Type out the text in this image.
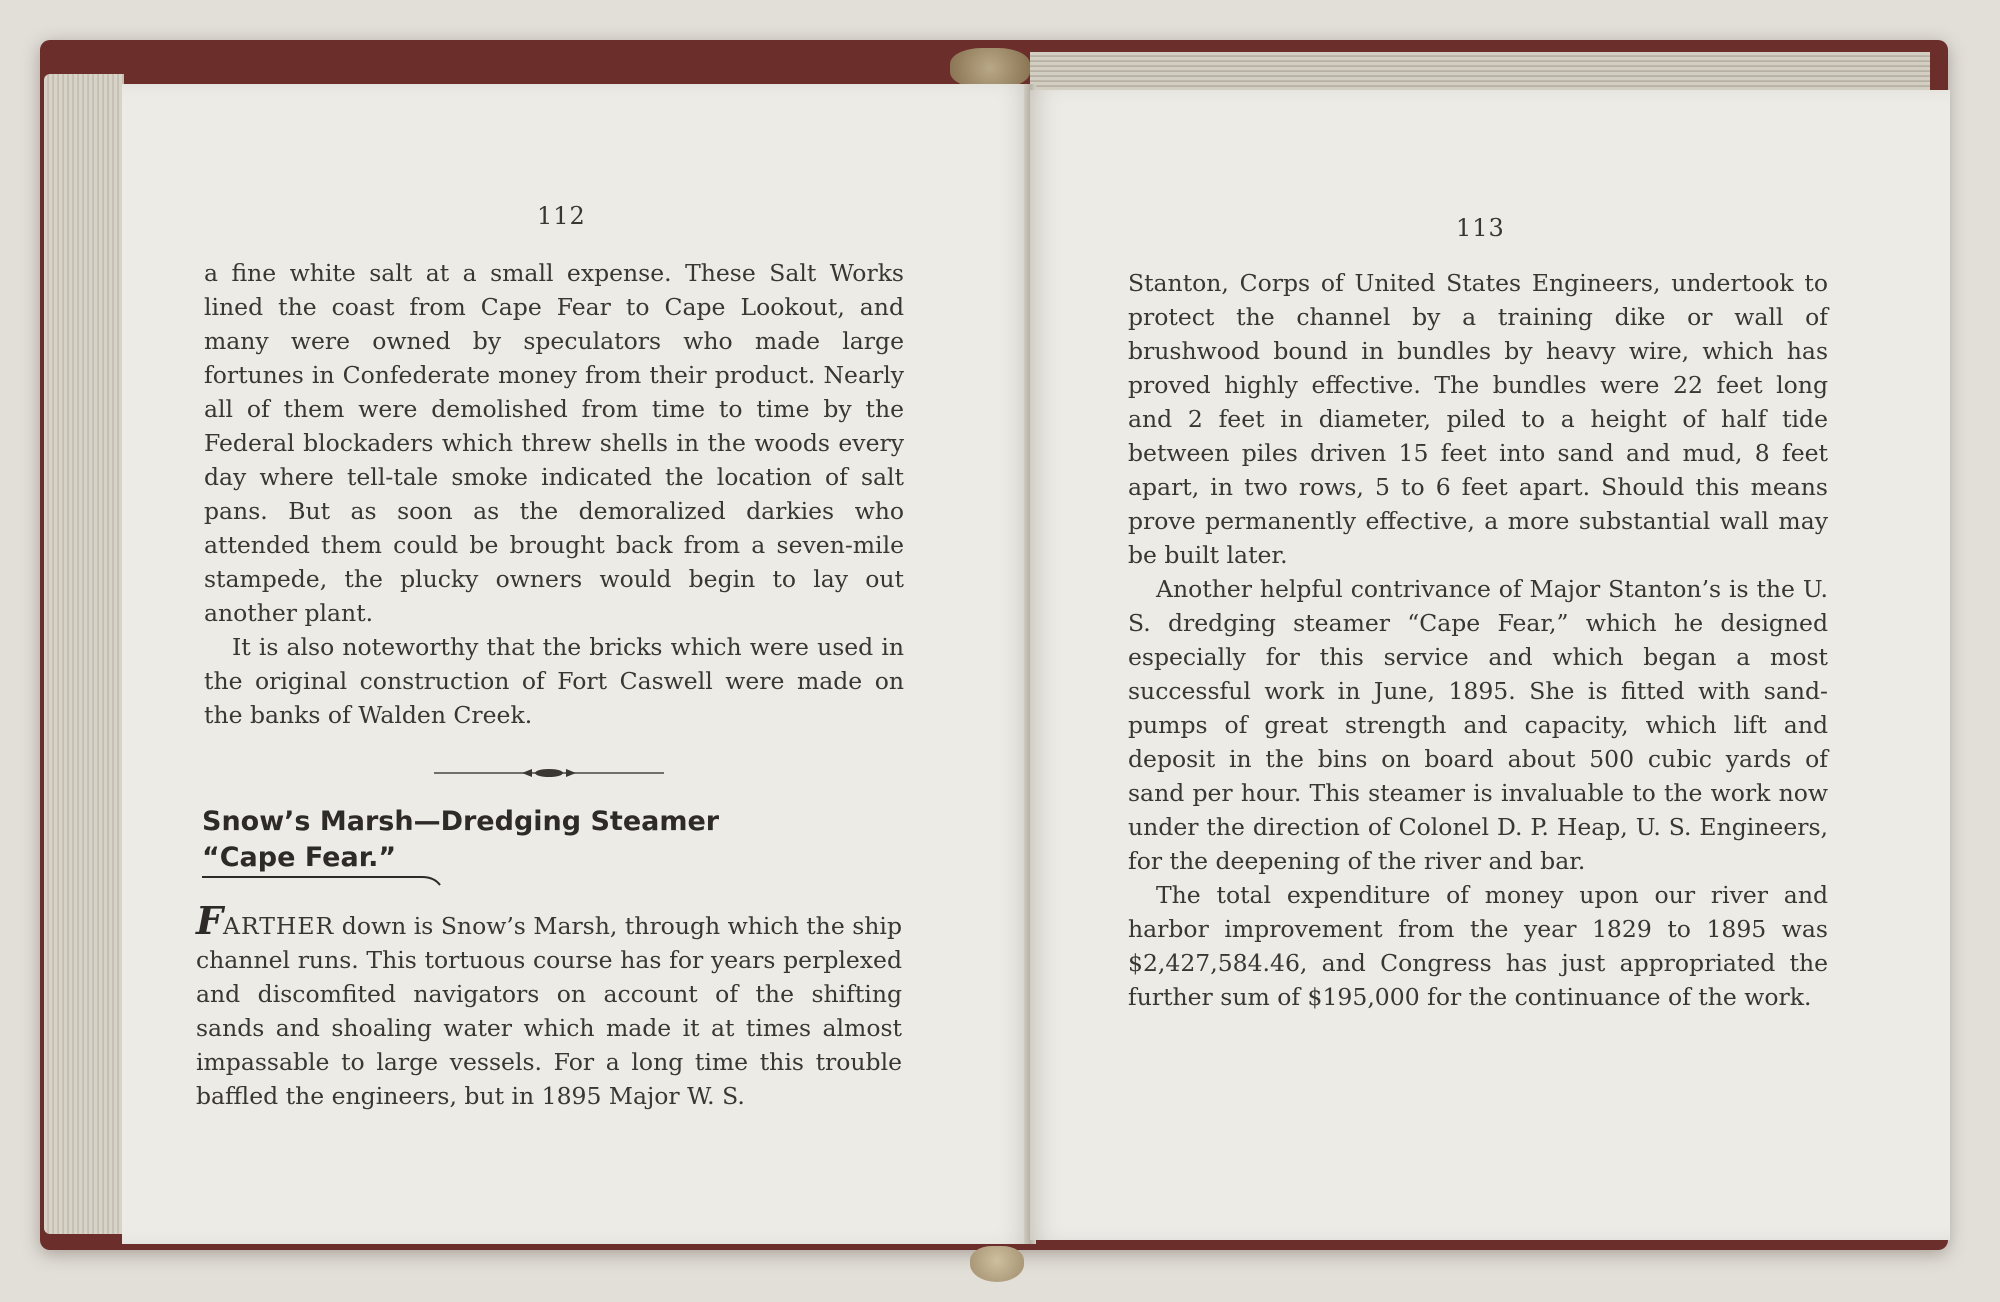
112

a fine white salt at a small expense. These Salt Works lined the coast from Cape Fear to Cape Lookout, and many were owned by speculators who made large fortunes in Confederate money from their product. Nearly all of them were demolished from time to time by the Federal blockaders which threw shells in the woods every day where tell-tale smoke indicated the location of salt pans. But as soon as the demoralized darkies who attended them could be brought back from a seven-mile stampede, the plucky owners would begin to lay out another plant.

It is also noteworthy that the bricks which were used in the original construction of Fort Caswell were made on the banks of Walden Creek.

Snow’s Marsh—Dredging Steamer
“Cape Fear.”

FARTHER down is Snow’s Marsh, through which the ship channel runs. This tortuous course has for years perplexed and discomfited navigators on account of the shifting sands and shoaling water which made it at times almost impassable to large vessels. For a long time this trouble baffled the engineers, but in 1895 Major W. S.

113

Stanton, Corps of United States Engineers, undertook to protect the channel by a training dike or wall of brushwood bound in bundles by heavy wire, which has proved highly effective. The bundles were 22 feet long and 2 feet in diameter, piled to a height of half tide between piles driven 15 feet into sand and mud, 8 feet apart, in two rows, 5 to 6 feet apart. Should this means prove permanently effective, a more substantial wall may be built later.

Another helpful contrivance of Major Stanton’s is the U. S. dredging steamer “Cape Fear,” which he designed especially for this service and which began a most successful work in June, 1895. She is fitted with sand-pumps of great strength and capacity, which lift and deposit in the bins on board about 500 cubic yards of sand per hour. This steamer is invaluable to the work now under the direction of Colonel D. P. Heap, U. S. Engineers, for the deepening of the river and bar.

The total expenditure of money upon our river and harbor improvement from the year 1829 to 1895 was $2,427,584.46, and Congress has just appropriated the further sum of $195,000 for the continuance of the work.
